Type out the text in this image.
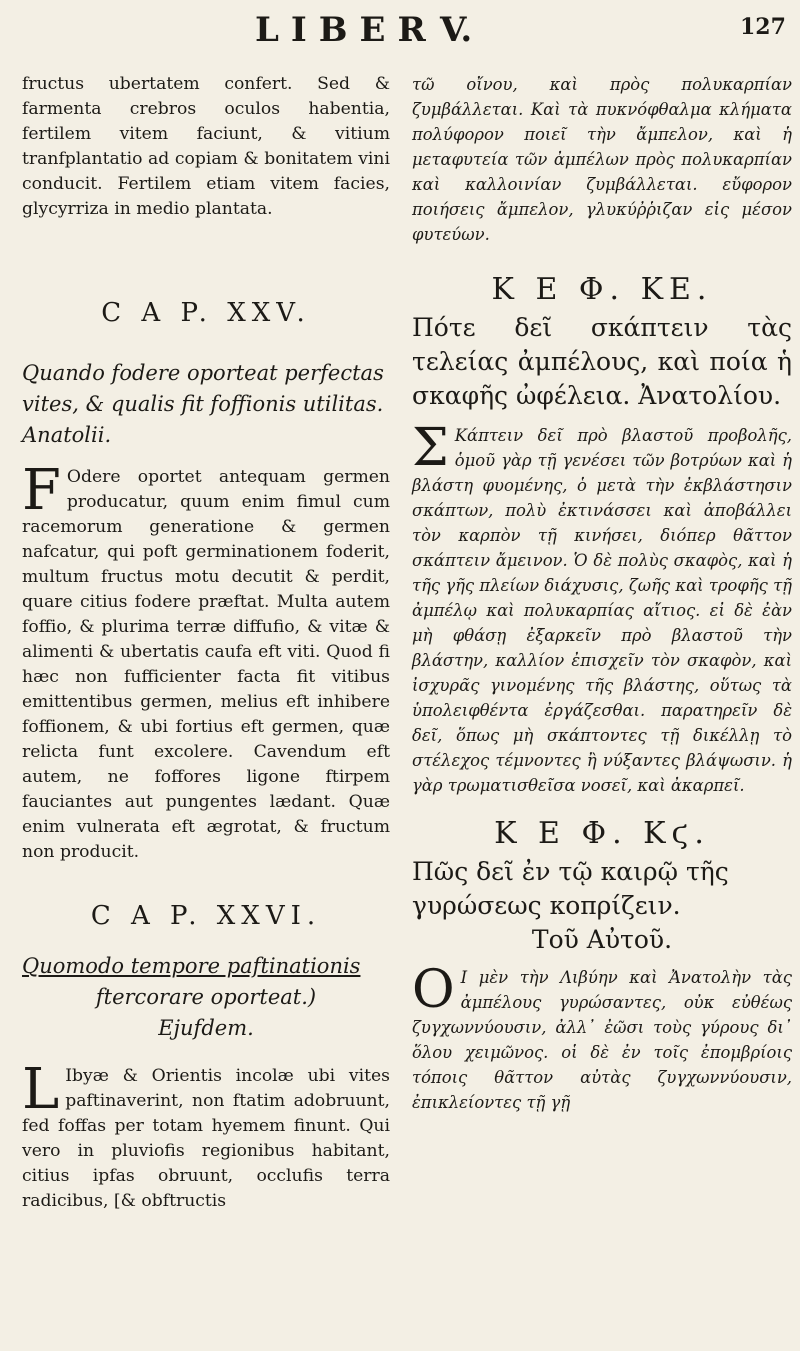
LIBER V.	127

fructus ubertatem confert. Sed & farmenta crebros oculos habentia, fertilem vitem faciunt, & vitium tranfplantatio ad copiam & bonitatem vini conducit. Fertilem etiam vitem facies, glycyrriza in medio plantata.

C A P. XXV.

Quando fodere oporteat perfectas vites, & qualis fit foffionis utilitas. Anatolii.

F Odere oportet antequam germen producatur, quum enim fimul cum racemorum generatione & germen nafcatur, qui poft germinationem foderit, multum fructus motu decutit & perdit, quare citius fodere præftat. Multa autem foffio, & plurima terræ diffufio, & vitæ & alimenti & ubertatis caufa eft viti. Quod fi hæc non fufficienter facta fit vitibus emittentibus germen, melius eft inhibere foffionem, & ubi fortius eft germen, quæ relicta funt excolere. Cavendum eft autem, ne foffores ligone ftirpem fauciantes aut pungentes lædant. Quæ enim vulnerata eft ægrotat, & fructum non producit.

C A P. XXVI.

Quomodo tempore paftinationis

ftercorare oporteat.)

Ejufdem.

L Ibyæ & Orientis incolæ ubi vites paftinaverint, non ftatim adobruunt, fed foffas per totam hyemem finunt. Qui vero in pluviofis regionibus habitant, citius ipfas obruunt, occlufis terra radicibus, [& obftructis

τῶ οἴνου, καὶ πρὸς πολυκαρπίαν ζυμβάλλεται. Καὶ τὰ πυκνόφθαλμα κλήματα πολύφορον ποιεῖ τὴν ἄμπελον, καὶ ἡ μεταφυτεία τῶν ἀμπέλων πρὸς πολυκαρπίαν καὶ καλλοινίαν ζυμβάλλεται. εὔφορον ποιήσεις ἄμπελον, γλυκύῤῥιζαν εἰς μέσον φυτεύων.

Κ Ε Φ. ΚΕ.

Πότε δεῖ σκάπτειν τὰς τελείας ἀμπέλους, καὶ ποία ἡ σκαφῆς ὠφέλεια. Ἀνατολίου.

Σ Κάπτειν δεῖ πρὸ βλαστοῦ προβολῆς, ὁμοῦ γὰρ τῇ γενέσει τῶν βοτρύων καὶ ἡ βλάστη φυομένης, ὁ μετὰ τὴν ἐκβλάστησιν σκάπτων, πολὺ ἐκτινάσσει καὶ ἀποβάλλει τὸν καρπὸν τῇ κινήσει, διόπερ θᾶττον σκάπτειν ἄμεινον. Ὁ δὲ πολὺς σκαφὸς, καὶ ἡ τῆς γῆς πλείων διάχυσις, ζωῆς καὶ τροφῆς τῇ ἀμπέλῳ καὶ πολυκαρπίας αἴτιος. εἰ δὲ ἐὰν μὴ φθάσῃ ἐξαρκεῖν πρὸ βλαστοῦ τὴν βλάστην, καλλίον ἐπισχεῖν τὸν σκαφὸν, καὶ ἰσχυρᾶς γινομένης τῆς βλάστης, οὕτως τὰ ὑπολειφθέντα ἐργάζεσθαι. παρατηρεῖν δὲ δεῖ, ὅπως μὴ σκάπτοντες τῇ δικέλλῃ τὸ στέλεχος τέμνοντες ἢ νύξαντες βλάψωσιν. ἡ γὰρ τρωματισθεῖσα νοσεῖ, καὶ ἀκαρπεῖ.

Κ Ε Φ. Κϛ.

Πῶς δεῖ ἐν τῷ καιρῷ τῆς

γυρώσεως κοπρίζειν.

Τοῦ Αὐτοῦ.

Ο Ι μὲν τὴν Λιβύην καὶ Ἀνατολὴν τὰς ἀμπέλους γυρώσαντες, οὐκ εὐθέως ζυγχωννύουσιν, ἀλλ᾽ ἐῶσι τοὺς γύρους δι᾽ ὅλου χειμῶνος. οἱ δὲ ἐν τοῖς ἐπομβρίοις τόποις θᾶττον αὐτὰς ζυγχωννύουσιν, ἐπικλείοντες τῇ γῇ
